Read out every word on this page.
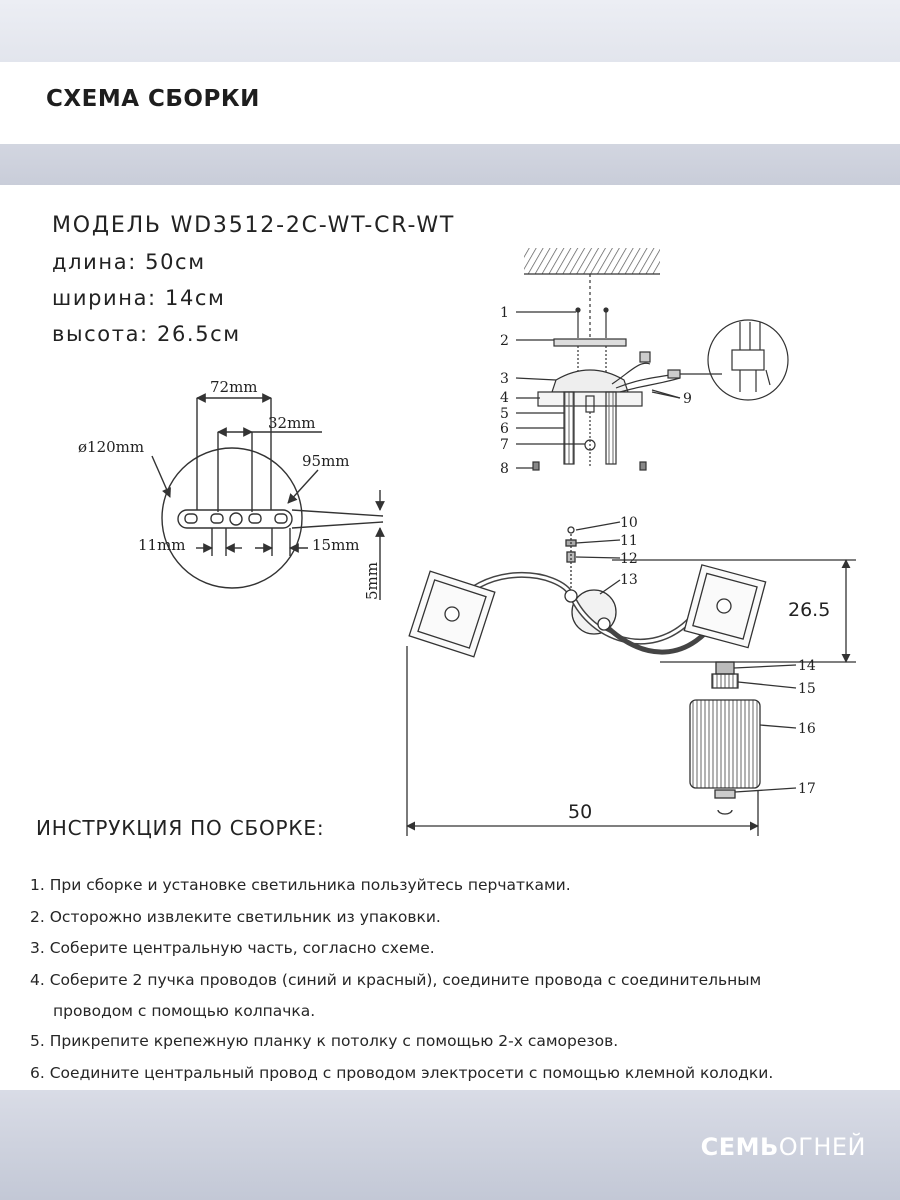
СХЕМА СБОРКИ
МОДЕЛЬ WD3512-2C-WT-CR-WT
длина: 50см
ширина: 14см
высота: 26.5см
72mm
32mm
ø120mm
95mm
11mm	15mm
5mm
1
2
3
4
5
6
7
8
9
10
11
12
13
14
15
16
17
26.5
50
ИНСТРУКЦИЯ ПО СБОРКЕ:
1. При сборке и установке светильника пользуйтесь перчатками.
2. Осторожно извлеките светильник из упаковки.
3. Соберите центральную часть, согласно схеме.
4. Соберите 2 пучка проводов (синий и красный), соедините провода с соединительным
проводом с помощью колпачка.
5. Прикрепите крепежную планку к потолку с помощью 2-х саморезов.
6. Соедините центральный провод с проводом электросети с помощью клемной колодки.
СЕМЬОГНЕЙ
